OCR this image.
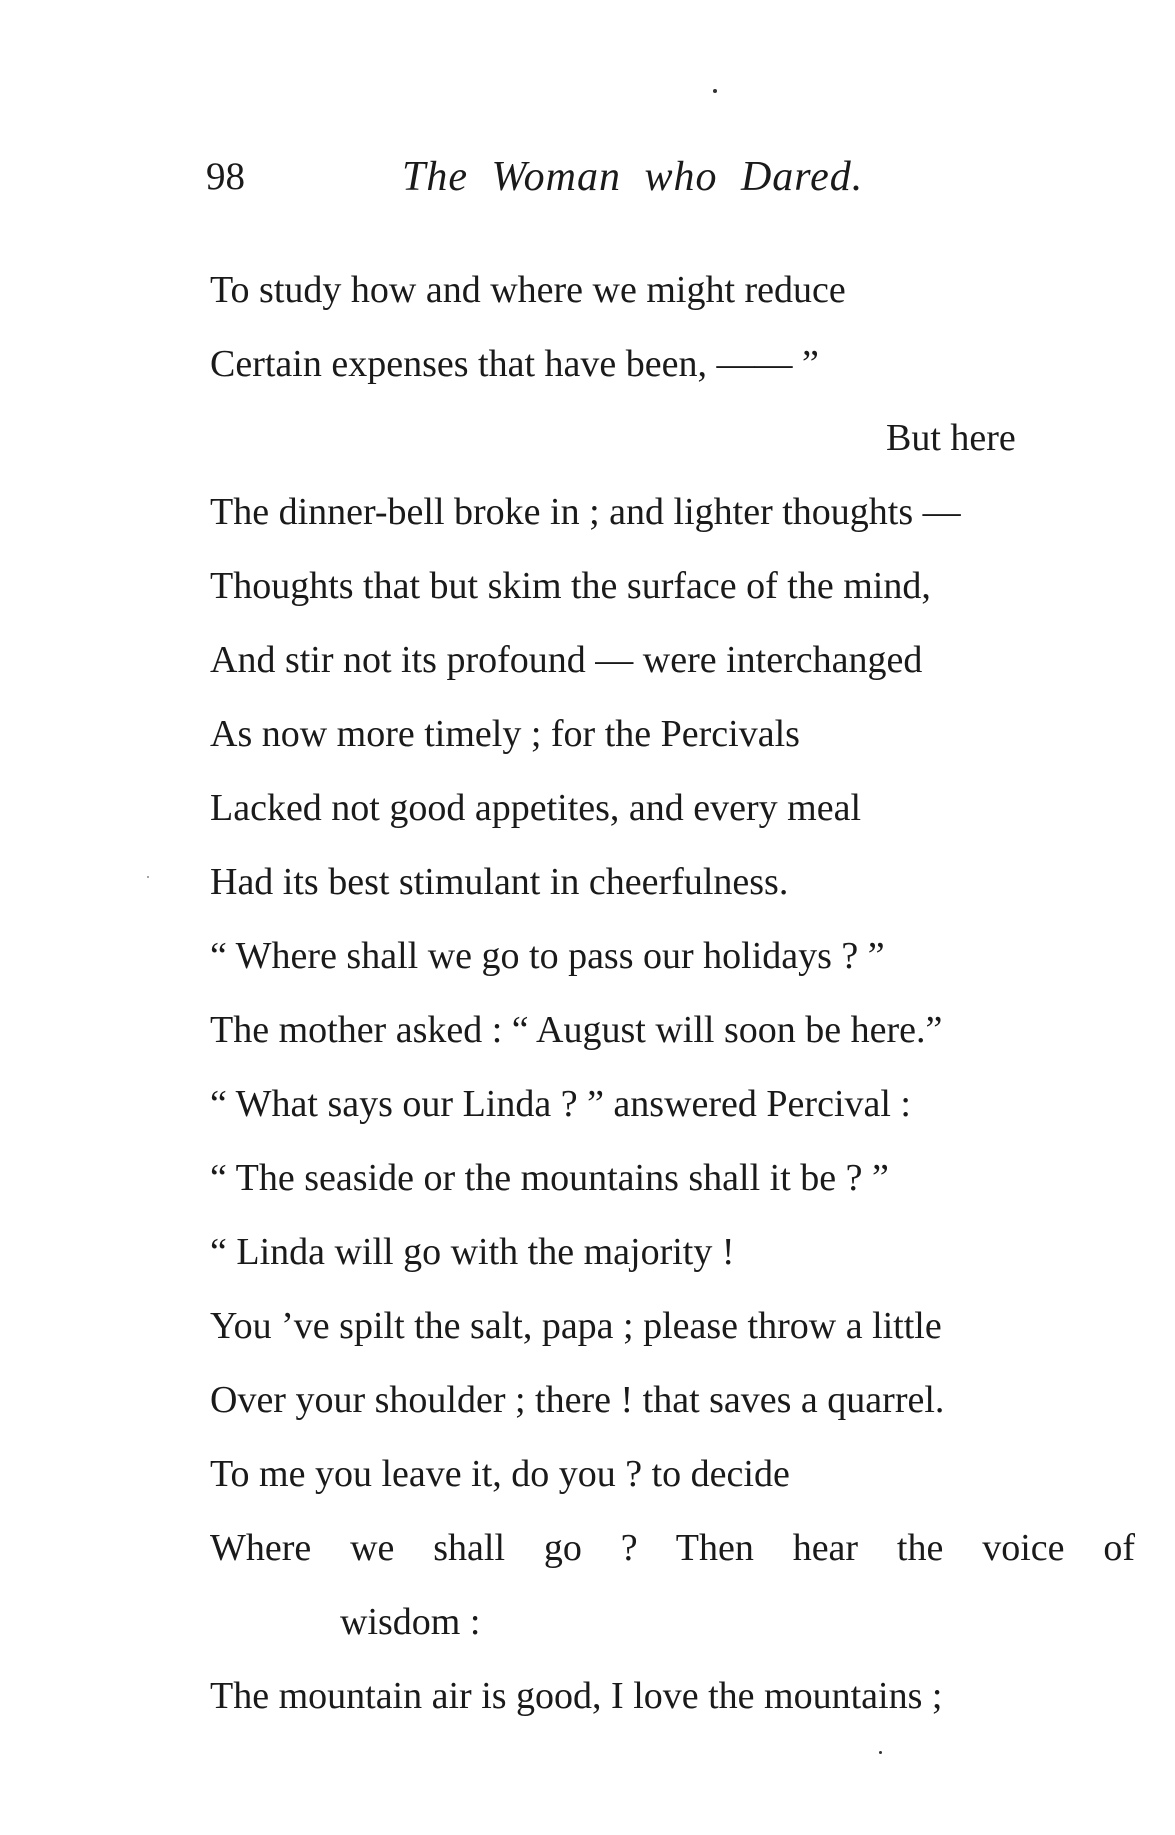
98	The Woman who Dared.

To study how and where we might reduce
Certain expenses that have been, —— ”
But here
The dinner-bell broke in ; and lighter thoughts —
Thoughts that but skim the surface of the mind,
And stir not its profound — were interchanged
As now more timely ; for the Percivals
Lacked not good appetites, and every meal
Had its best stimulant in cheerfulness.
“ Where shall we go to pass our holidays ? ”
The mother asked : “ August will soon be here.”
“ What says our Linda ? ” answered Percival :
“ The seaside or the mountains shall it be ? ”
“ Linda will go with the majority !
You ’ve spilt the salt, papa ; please throw a little
Over your shoulder ; there ! that saves a quarrel.
To me you leave it, do you ? to decide
Where we shall go ? Then hear the voice of
wisdom :
The mountain air is good, I love the mountains ;
